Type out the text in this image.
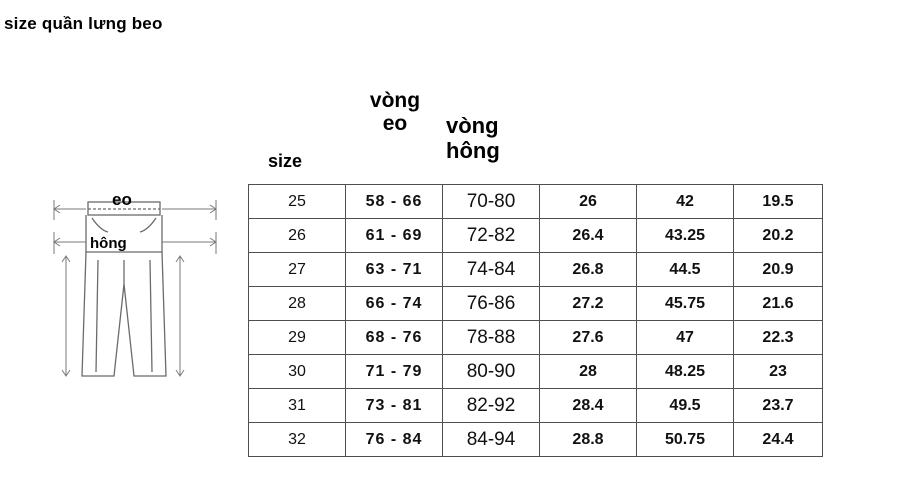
size quần lưng beo
eo
hông
size
vòng
eo	vòng
hông
25	58 - 66	70-80	26	42	19.5
26	61 - 69	72-82	26.4	43.25	20.2
27	63 - 71	74-84	26.8	44.5	20.9
28	66 - 74	76-86	27.2	45.75	21.6
29	68 - 76	78-88	27.6	47	22.3
30	71 - 79	80-90	28	48.25	23
31	73 - 81	82-92	28.4	49.5	23.7
32	76 - 84	84-94	28.8	50.75	24.4
